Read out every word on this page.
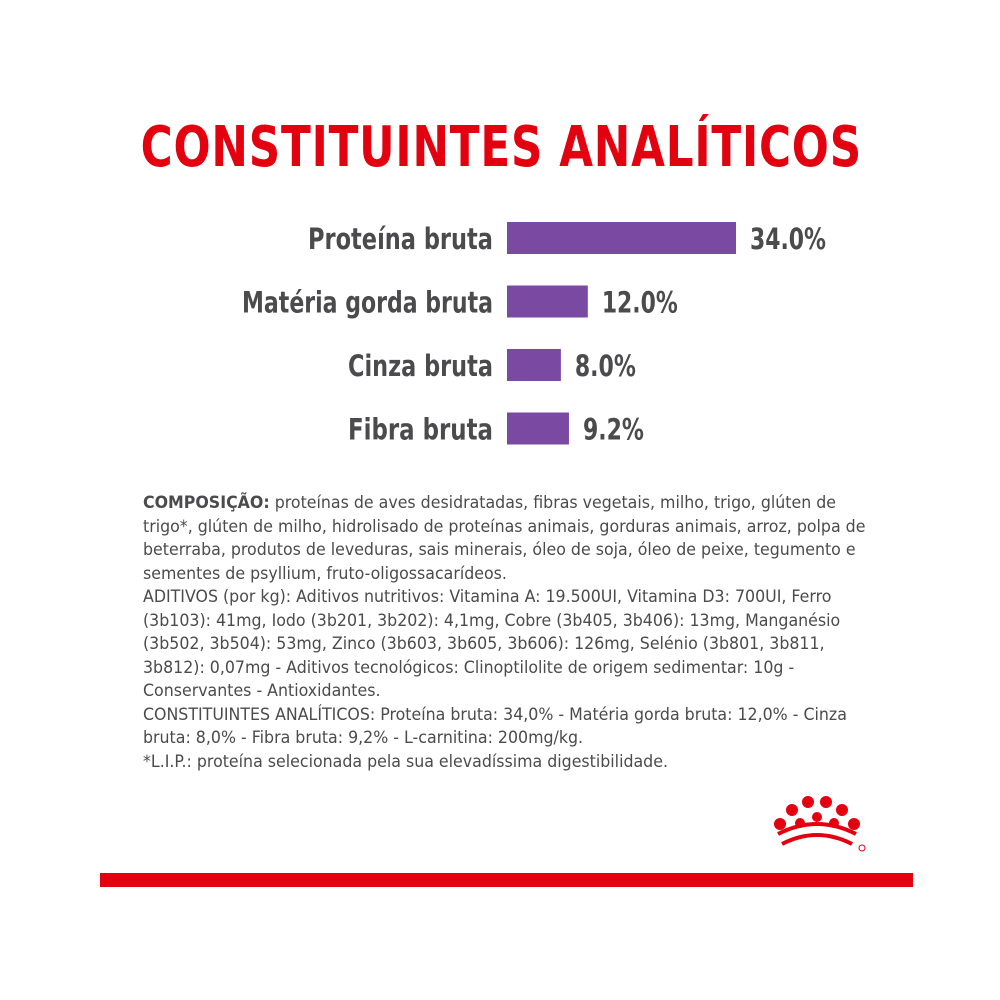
CONSTITUINTES ANALÍTICOS
Proteína bruta	34.0%
Matéria gorda bruta	12.0%
Cinza bruta	8.0%
Fibra bruta	9.2%

COMPOSIÇÃO: proteínas de aves desidratadas, fibras vegetais, milho, trigo, glúten de trigo*, glúten de milho, hidrolisado de proteínas animais, gorduras animais, arroz, polpa de beterraba, produtos de leveduras, sais minerais, óleo de soja, óleo de peixe, tegumento e sementes de psyllium, fruto-oligossacarídeos.

ADITIVOS (por kg): Aditivos nutritivos: Vitamina A: 19.500UI, Vitamina D3: 700UI, Ferro (3b103): 41mg, Iodo (3b201, 3b202): 4,1mg, Cobre (3b405, 3b406): 13mg, Manganésio (3b502, 3b504): 53mg, Zinco (3b603, 3b605, 3b606): 126mg, Selénio (3b801, 3b811, 3b812): 0,07mg - Aditivos tecnológicos: Clinoptilolite de origem sedimentar: 10g - Conservantes - Antioxidantes.

CONSTITUINTES ANALÍTICOS: Proteína bruta: 34,0% - Matéria gorda bruta: 12,0% - Cinza bruta: 8,0% - Fibra bruta: 9,2% - L-carnitina: 200mg/kg.

*L.I.P.: proteína selecionada pela sua elevadíssima digestibilidade.
